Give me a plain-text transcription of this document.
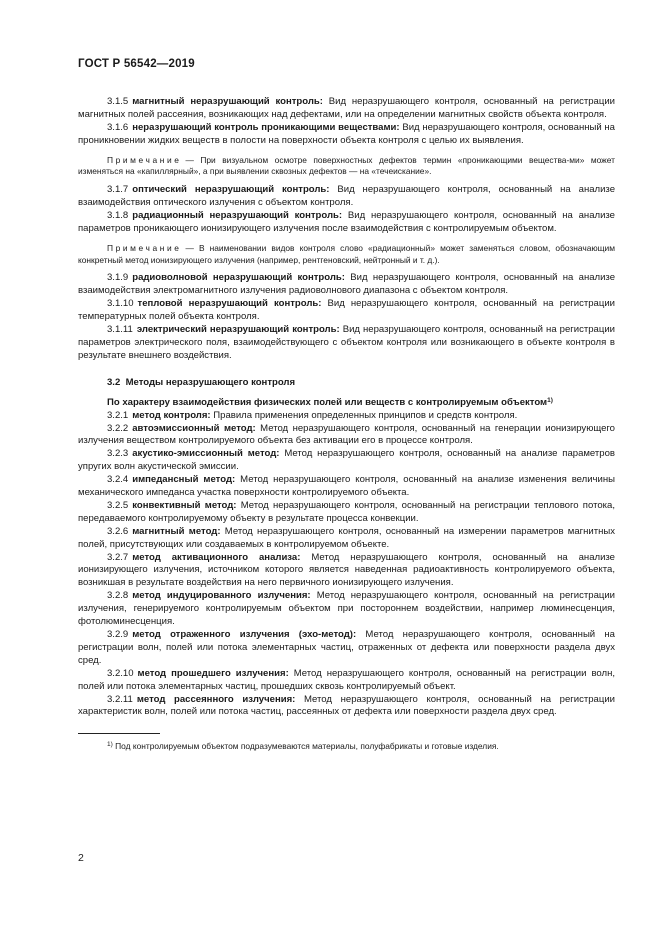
ГОСТ Р 56542—2019

3.1.5 магнитный неразрушающий контроль: Вид неразрушающего контроля, основанный на регистрации магнитных полей рассеяния, возникающих над дефектами, или на определении магнитных свойств объекта контроля.

3.1.6 неразрушающий контроль проникающими веществами: Вид неразрушающего контроля, основанный на проникновении жидких веществ в полости на поверхности объекта контроля с целью их выявления.

Примечание — При визуальном осмотре поверхностных дефектов термин «проникающими вещества-ми» может изменяться на «капиллярный», а при выявлении сквозных дефектов — на «течеискание».

3.1.7 оптический неразрушающий контроль: Вид неразрушающего контроля, основанный на анализе взаимодействия оптического излучения с объектом контроля.

3.1.8 радиационный неразрушающий контроль: Вид неразрушающего контроля, основанный на анализе параметров проникающего ионизирующего излучения после взаимодействия с контролируемым объектом.

Примечание — В наименовании видов контроля слово «радиационный» может заменяться словом, обозначающим конкретный метод ионизирующего излучения (например, рентгеновский, нейтронный и т. д.).

3.1.9 радиоволновой неразрушающий контроль: Вид неразрушающего контроля, основанный на анализе взаимодействия электромагнитного излучения радиоволнового диапазона с объектом контроля.

3.1.10 тепловой неразрушающий контроль: Вид неразрушающего контроля, основанный на регистрации температурных полей объекта контроля.

3.1.11 электрический неразрушающий контроль: Вид неразрушающего контроля, основанный на регистрации параметров электрического поля, взаимодействующего с объектом контроля или возникающего в объекте контроля в результате внешнего воздействия.

3.2 Методы неразрушающего контроля

По характеру взаимодействия физических полей или веществ с контролируемым объектом$^{1)}$

3.2.1 метод контроля: Правила применения определенных принципов и средств контроля.

3.2.2 автоэмиссионный метод: Метод неразрушающего контроля, основанный на генерации ионизирующего излучения веществом контролируемого объекта без активации его в процессе контроля.

3.2.3 акустико-эмиссионный метод: Метод неразрушающего контроля, основанный на анализе параметров упругих волн акустической эмиссии.

3.2.4 импедансный метод: Метод неразрушающего контроля, основанный на анализе изменения величины механического импеданса участка поверхности контролируемого объекта.

3.2.5 конвективный метод: Метод неразрушающего контроля, основанный на регистрации теплового потока, передаваемого контролируемому объекту в результате процесса конвекции.

3.2.6 магнитный метод: Метод неразрушающего контроля, основанный на измерении параметров магнитных полей, присутствующих или создаваемых в контролируемом объекте.

3.2.7 метод активационного анализа: Метод неразрушающего контроля, основанный на анализе ионизирующего излучения, источником которого является наведенная радиоактивность контролируемого объекта, возникшая в результате воздействия на него первичного ионизирующего излучения.

3.2.8 метод индуцированного излучения: Метод неразрушающего контроля, основанный на регистрации излучения, генерируемого контролируемым объектом при постороннем воздействии, например люминесценция, фотолюминесценция.

3.2.9 метод отраженного излучения (эхо-метод): Метод неразрушающего контроля, основанный на регистрации волн, полей или потока элементарных частиц, отраженных от дефекта или поверхности раздела двух сред.

3.2.10 метод прошедшего излучения: Метод неразрушающего контроля, основанный на регистрации волн, полей или потока элементарных частиц, прошедших сквозь контролируемый объект.

3.2.11 метод рассеянного излучения: Метод неразрушающего контроля, основанный на регистрации характеристик волн, полей или потока частиц, рассеянных от дефекта или поверхности раздела двух сред.

$^{1)}$ Под контролируемым объектом подразумеваются материалы, полуфабрикаты и готовые изделия.

2
